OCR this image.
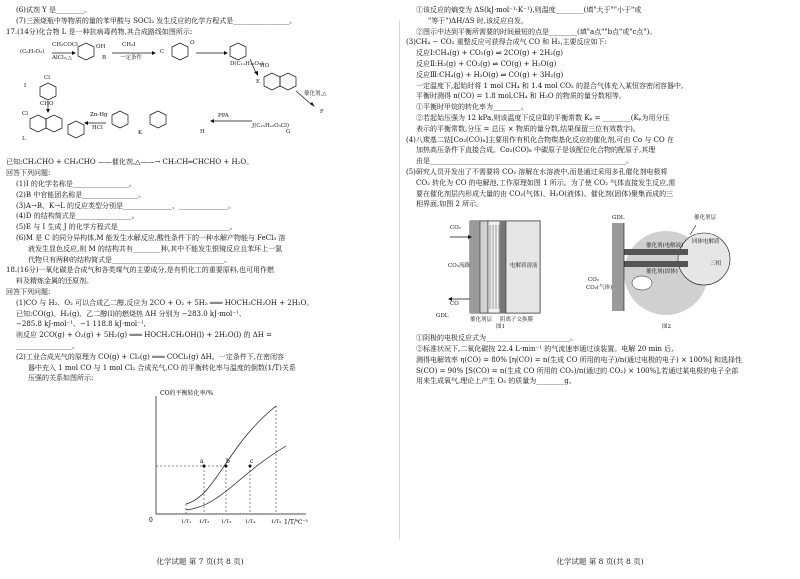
(6)试剂 Y 是________。
(7)三颈烧瓶中等物质的量的苯甲酸与 SOCl₂ 发生反应的化学方程式是________________。
17.(14分)化合物 L 是一种抗病毒药物,其合成路线如图所示:
(C₆H₇O₂)
CH₂COCl
AlCl₃,△
OH
B
CH₃I
一定条件
C
O
D(C₁₁H₁₂O₃)
E
HO
催化剂,△
I
Cl
CHO
J(C₁₅H₁₂O₃Cl)
PPA
K
Zn-Hg
HCl
L
Cl	F
G
H
已知:CH₃CHO + CH₃CHO ——催化剂,△——→ CH₃CH═CHCHO + H₂O。
回答下列问题:
(1)I 的化学名称是________________。
(2)B 中官能团名称是________________。
(3)A→B、K→L 的反应类型分别是______________、______________。
(4)D 的结构简式是________________。
(5)E 与 I 生成 J 的化学方程式是________________________________。
(6)M 是 C 的同分异构体,M 能发生水解反应,酸性条件下的一种水解产物能与 FeCl₃ 溶
液发生显色反应,则 M 的结构共有________种,其中不能发生银镜反应且苯环上一氯
代物只有两种的结构简式是________________________________。
18.(16分)一氧化碳是合成气和各类煤气的主要成分,是有机化工的重要原料,也可用作燃
料及精炼金属的还原剂。
回答下列问题:
(1)CO 与 H₂、O₂ 可以合成乙二醇,反应为 2CO + O₂ + 5H₂ ═══ HOCH₂CH₂OH + 2H₂O。
已知:CO(g)、H₂(g)、乙二醇(l)的燃烧热 ΔH 分别为 −283.0 kJ·mol⁻¹、
−285.8 kJ·mol⁻¹、−1 118.8 kJ·mol⁻¹,
则反应 2CO(g) + O₂(g) + 5H₂(g) ═══ HOCH₂CH₂OH(l) + 2H₂O(l) 的 ΔH =
________________。
(2)工业合成光气的原理为 CO(g) + Cl₂(g) ═══ COCl₂(g) ΔH。一定条件下,在密闭容
器中充入 1 mol CO 与 1 mol Cl₂ 合成光气,CO 的平衡转化率与温度的倒数(1/T)关系
压强的关系如图所示:
CO的平衡转化率/%
1/T/℃⁻¹
0
a	b	c
1/T₁ 1/T₂ 1/T₃	1/T₄	1/T₅
化学试题 第 7 页(共 8 页)
①该反应的熵变为 ΔS(kJ·mol⁻¹·K⁻¹),则温度________(填"大于""小于"或
"等于")ΔH/ΔS 时,该反应自发。
②图示中达到平衡所需要的时间最短的点是________(填"a点""b点"或"c点")。
(3)CH₄ − CO₂ 重整反应可获得合成气 CO 和 H₂,主要反应如下:
反应Ⅰ:CH₄(g) + CO₂(g) ⇌ 2CO(g) + 2H₂(g)
反应Ⅱ:H₂(g) + CO₂(g) ⇌ CO(g) + H₂O(g)
反应Ⅲ:CH₄(g) + H₂O(g) ⇌ CO(g) + 3H₂(g)
一定温度下,起始时将 1 mol CH₄ 和 1.4 mol CO₂ 的混合气体充入某恒容密闭容器中,
平衡时测得 n(CO) = 1.8 mol,CH₄ 和 H₂O 的物质的量分数相等。
①平衡时甲烷的转化率为________。
②若起始压强为 12 kPa,则该温度下反应Ⅱ的平衡常数 Kₚ = ________(Kₚ为用分压
表示的平衡常数,分压 = 总压 × 物质的量分数,结果保留三位有效数字)。
(4)八羰基二钴[Co₂(CO)₈]主要用作有机化合物羰基化反应的催化剂,可由 Co 与 CO 在
加热高压条件下直接合成。Co₂(CO)₈ 中碳原子是该配位化合物的配原子,其理
由是________________________________________________________。
(5)研究人员开发出了不需要将 CO₂ 溶解在水溶液中,而是通过采用多孔催化剂电极将
CO₂ 转化为 CO 的电解池,工作原理如图 1 所示。为了使 CO₂ 气体直接发生反应,需
要在催化剂层内形成大量的由 CO₂(气体)、H₂O(液体)、催化剂(固体)聚集而成的三
相界面,如图 2 所示。
CO₂
CO
CO₂流路
GDL
催化剂层 阴离子交换膜
电解质溶液
图1
GDL	催化剂层
回体电解质
催化剂(电解液)
催化剂(固体)
CO₂
CO₂(气体)
三相
图2
①阴极的电极反应式为________________________。
②标准状况下,二氧化碳按 22.4 L·min⁻¹ 的气流速率通过该装置。电解 20 min 后,
测得电解效率 η(CO) = 80% [η(CO) = n(生成 CO 所用的电子)/n(通过电极的电子) × 100%] 和选择性
S(CO) = 90% [S(CO) = n(生成 CO 所用的 CO₂)/n(通过的 CO₂) × 100%],若通过某电极的电子全部
用来生成氧气,理论上产生 O₂ 的质量为________g。
化学试题 第 8 页(共 8 页)
